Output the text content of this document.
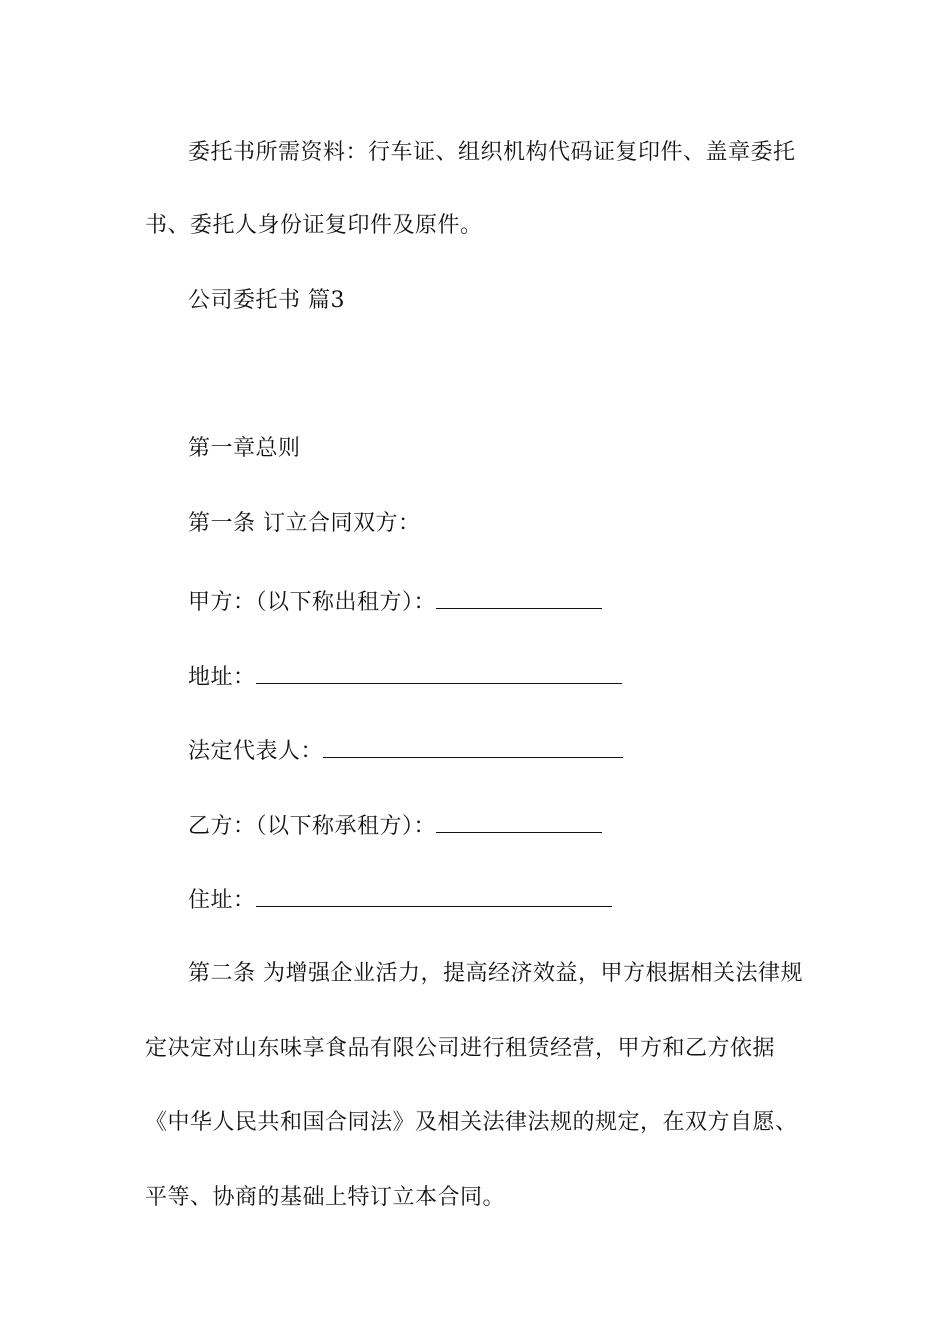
委托书所需资料：行车证、组织机构代码证复印件、盖章委托
书、委托人身份证复印件及原件。
公司委托书 篇3
第一章总则
第一条 订立合同双方：
甲方：（以下称出租方）：
地址：
法定代表人：
乙方：（以下称承租方）：
住址：
第二条 为增强企业活力，提高经济效益，甲方根据相关法律规
定决定对山东味享食品有限公司进行租赁经营，甲方和乙方依据
《中华人民共和国合同法》及相关法律法规的规定，在双方自愿、
平等、协商的基础上特订立本合同。
